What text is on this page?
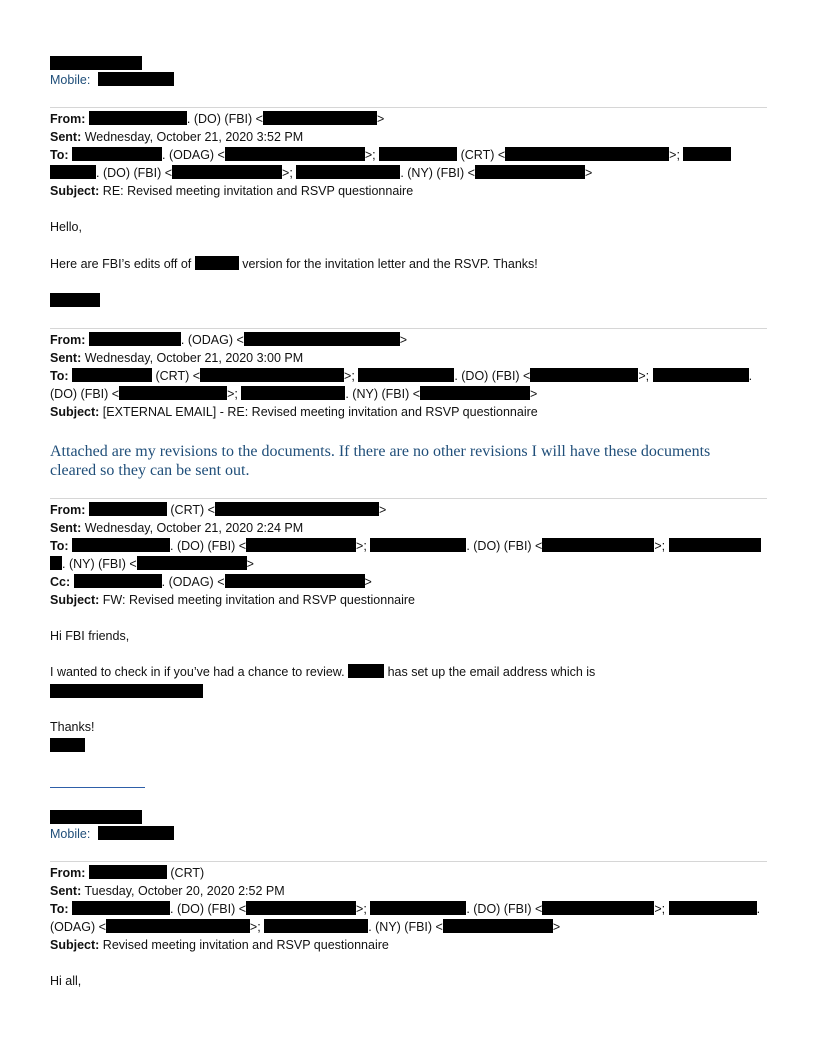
Mobile:
From:	. (DO) (FBI) <	>
Sent: Wednesday, October 21, 2020 3:52 PM
To:	. (ODAG) <	>;	(CRT) <	>;
. (DO) (FBI) <	>;	. (NY) (FBI) <	>
Subject: RE: Revised meeting invitation and RSVP questionnaire
Hello,
Here are FBI’s edits off of	version for the invitation letter and the RSVP. Thanks!
From:	. (ODAG) <	>
Sent: Wednesday, October 21, 2020 3:00 PM
To:	(CRT) <	>;	. (DO) (FBI) <	>;	.
(DO) (FBI) <	>;	. (NY) (FBI) <	>
Subject: [EXTERNAL EMAIL] - RE: Revised meeting invitation and RSVP questionnaire
Attached are my revisions to the documents. If there are no other revisions I will have these documents
cleared so they can be sent out.
From:	(CRT) <	>
Sent: Wednesday, October 21, 2020 2:24 PM
To:	. (DO) (FBI) <	>;	. (DO) (FBI) <	>;
. (NY) (FBI) <	>
Cc:	. (ODAG) <	>
Subject: FW: Revised meeting invitation and RSVP questionnaire
Hi FBI friends,
I wanted to check in if you’ve had a chance to review.	has set up the email address which is
Thanks!
Mobile:
From:	(CRT)
Sent: Tuesday, October 20, 2020 2:52 PM
To:	. (DO) (FBI) <	>;	. (DO) (FBI) <	>;	.
(ODAG) <	>;	. (NY) (FBI) <	>
Subject: Revised meeting invitation and RSVP questionnaire
Hi all,
